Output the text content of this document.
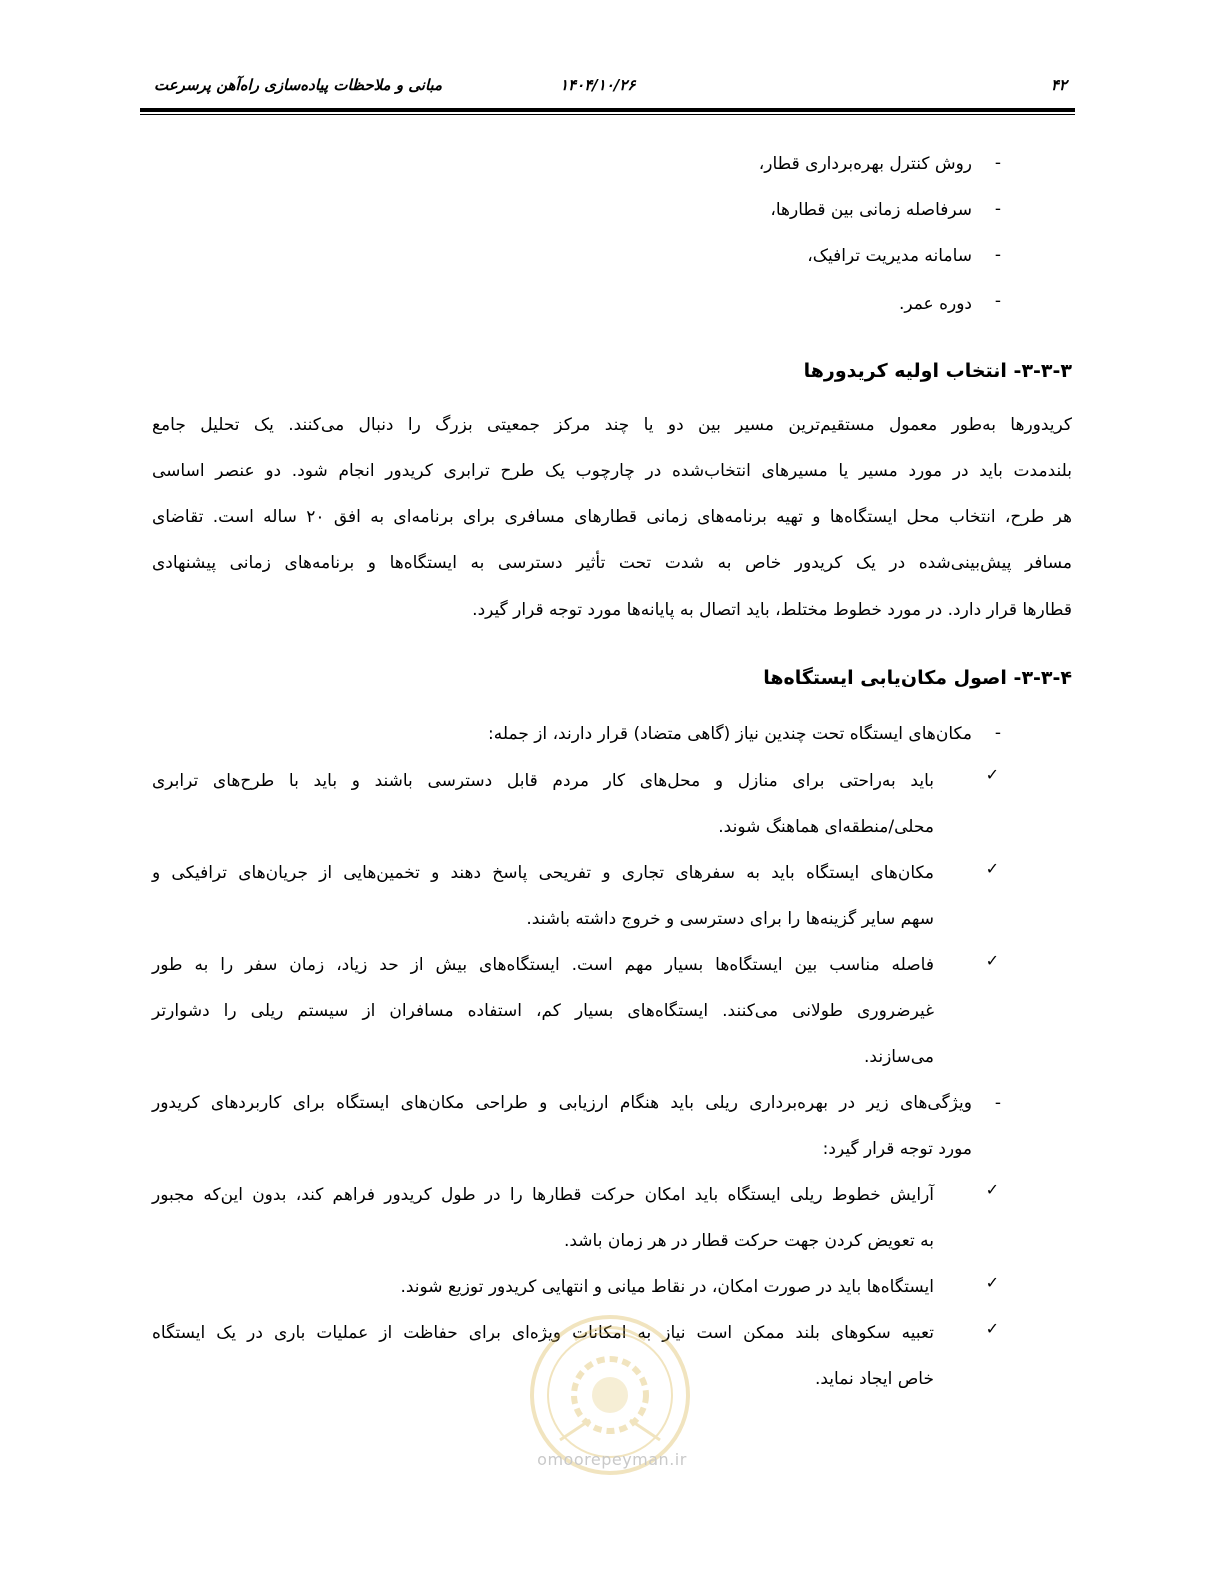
۴۲
۱۴۰۴/۱۰/۲۶
مبانی و ملاحظات پیاده‌سازی راه‌آهن پرسرعت
-
روش کنترل بهره‌برداری قطار،
-
سرفاصله زمانی بین قطارها،
-
سامانه مدیریت ترافیک،
-
دوره عمر.
۳-۳-۳- انتخاب اولیه کریدورها
کریدورها به‌طور معمول مستقیم‌ترین مسیر بین دو یا چند مرکز جمعیتی بزرگ را دنبال می‌کنند. یک تحلیل جامع
بلندمدت باید در مورد مسیر یا مسیرهای انتخاب‌شده در چارچوب یک طرح ترابری کریدور انجام شود. دو عنصر اساسی
هر طرح، انتخاب محل ایستگاه‌ها و تهیه برنامه‌های زمانی قطارهای مسافری برای برنامه‌ای به افق ۲۰ ساله است. تقاضای
مسافر پیش‌بینی‌شده در یک کریدور خاص به شدت تحت تأثیر دسترسی به ایستگاه‌ها و برنامه‌های زمانی پیشنهادی
قطارها قرار دارد. در مورد خطوط مختلط، باید اتصال به پایانه‌ها مورد توجه قرار گیرد.
۳-۳-۴- اصول مکان‌یابی ایستگاه‌ها
-
مکان‌های ایستگاه تحت چندین نیاز (گاهی متضاد) قرار دارند، از جمله:
✓
باید به‌راحتی برای منازل و محل‌های کار مردم قابل دسترسی باشند و باید با طرح‌های ترابری
محلی/منطقه‌ای هماهنگ شوند.
✓
مکان‌های ایستگاه باید به سفرهای تجاری و تفریحی پاسخ دهند و تخمین‌هایی از جریان‌های ترافیکی و
سهم سایر گزینه‌ها را برای دسترسی و خروج داشته باشند.
✓
فاصله مناسب بین ایستگاه‌ها بسیار مهم است. ایستگاه‌های بیش از حد زیاد، زمان سفر را به طور
غیرضروری طولانی می‌کنند. ایستگاه‌های بسیار کم، استفاده مسافران از سیستم ریلی را دشوارتر
می‌سازند.
-
ویژگی‌های زیر در بهره‌برداری ریلی باید هنگام ارزیابی و طراحی مکان‌های ایستگاه برای کاربردهای کریدور
مورد توجه قرار گیرد:
✓
آرایش خطوط ریلی ایستگاه باید امکان حرکت قطارها را در طول کریدور فراهم کند، بدون این‌که مجبور
به تعویض کردن جهت حرکت قطار در هر زمان باشد.
✓
ایستگاه‌ها باید در صورت امکان، در نقاط میانی و انتهایی کریدور توزیع شوند.
✓
تعبیه سکوهای بلند ممکن است نیاز به امکانات ویژه‌ای برای حفاظت از عملیات باری در یک ایستگاه
خاص ایجاد نماید.
omoorepeyman.ir
